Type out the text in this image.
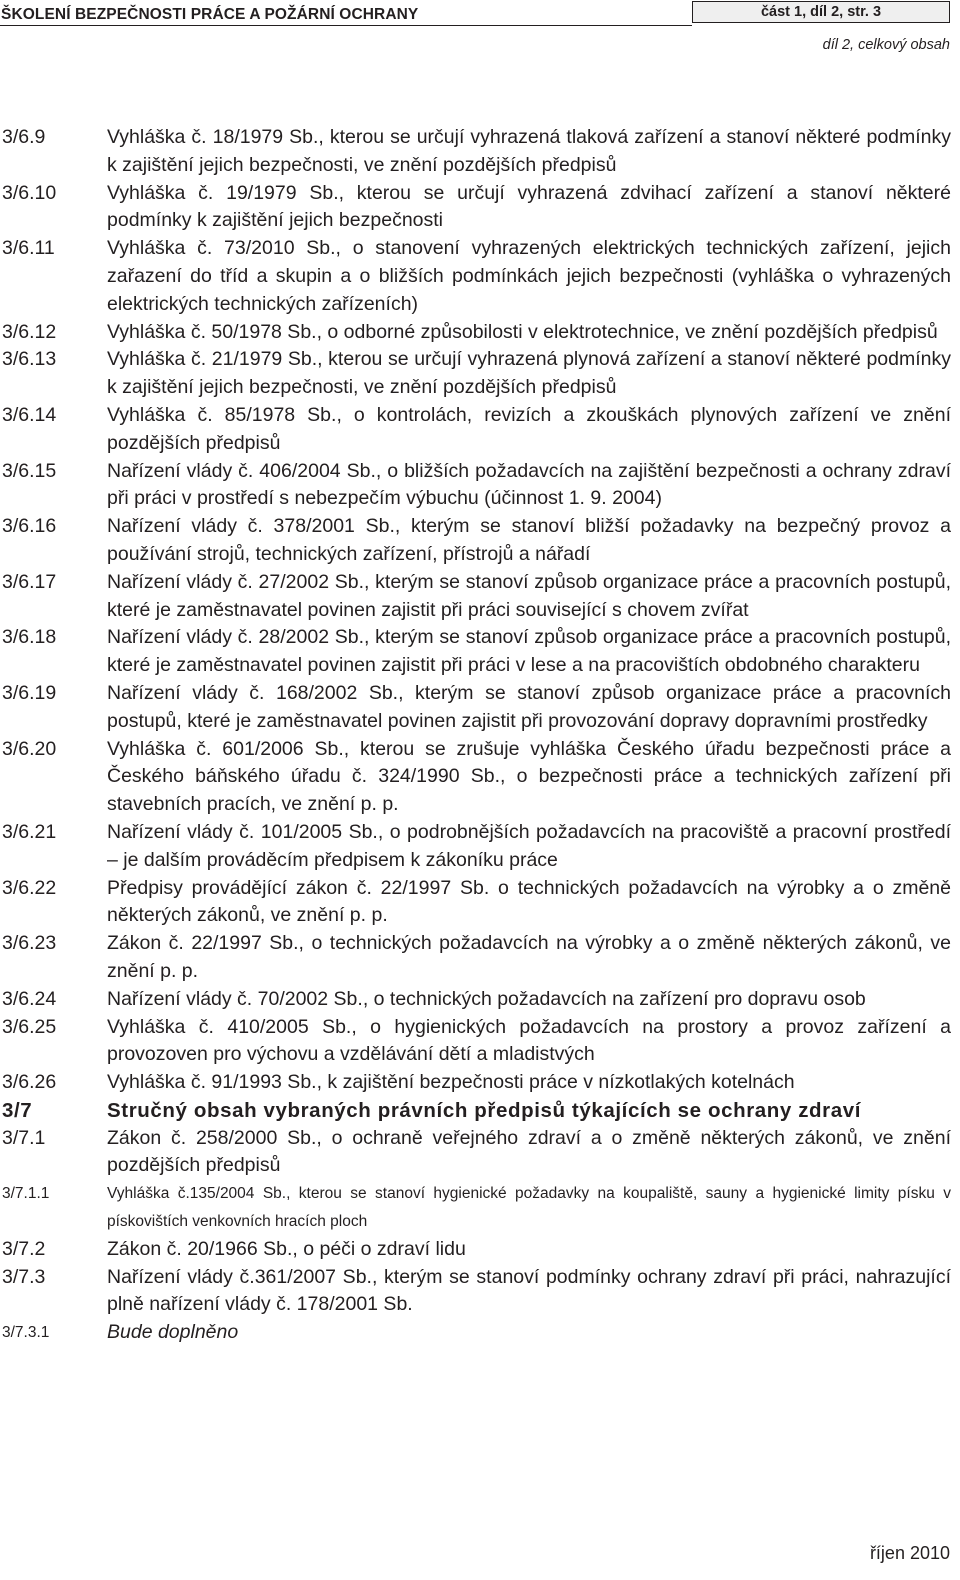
ŠKOLENÍ BEZPEČNOSTI PRÁCE A POŽÁRNÍ OCHRANY	část 1, díl 2, str. 3
díl 2, celkový obsah
3/6.9	Vyhláška č. 18/1979 Sb., kterou se určují vyhrazená tlaková zařízení a stanoví některé podmínky k zajištění jejich bezpečnosti, ve znění pozdějších předpisů
3/6.10	Vyhláška č. 19/1979 Sb., kterou se určují vyhrazená zdvihací zařízení a stanoví některé podmínky k zajištění jejich bezpečnosti
3/6.11	Vyhláška č. 73/2010 Sb., o stanovení vyhrazených elektrických technických zařízení, jejich zařazení do tříd a skupin a o bližších podmínkách jejich bezpečnosti (vyhláška o vyhrazených elektrických technických zařízeních)
3/6.12	Vyhláška č. 50/1978 Sb., o odborné způsobilosti v elektrotechnice, ve znění pozdějších předpisů
3/6.13	Vyhláška č. 21/1979 Sb., kterou se určují vyhrazená plynová zařízení a stanoví některé podmínky k zajištění jejich bezpečnosti, ve znění pozdějších předpisů
3/6.14	Vyhláška č. 85/1978 Sb., o kontrolách, revizích a zkouškách plynových zařízení ve znění pozdějších předpisů
3/6.15	Nařízení vlády č. 406/2004 Sb., o bližších požadavcích na zajištění bezpečnosti a ochrany zdraví při práci v prostředí s nebezpečím výbuchu (účinnost 1. 9. 2004)
3/6.16	Nařízení vlády č. 378/2001 Sb., kterým se stanoví bližší požadavky na bezpečný provoz a používání strojů, technických zařízení, přístrojů a nářadí
3/6.17	Nařízení vlády č. 27/2002 Sb., kterým se stanoví způsob organizace práce a pracovních postupů, které je zaměstnavatel povinen zajistit při práci související s chovem zvířat
3/6.18	Nařízení vlády č. 28/2002 Sb., kterým se stanoví způsob organizace práce a pracovních postupů, které je zaměstnavatel povinen zajistit při práci v lese a na pracovištích obdobného charakteru
3/6.19	Nařízení vlády č. 168/2002 Sb., kterým se stanoví způsob organizace práce a pracovních postupů, které je zaměstnavatel povinen zajistit při provozování dopravy dopravními prostředky
3/6.20	Vyhláška č. 601/2006 Sb., kterou se zrušuje vyhláška Českého úřadu bezpečnosti práce a Českého báňského úřadu č. 324/1990 Sb., o bezpečnosti práce a technických zařízení při stavebních pracích, ve znění p. p.
3/6.21	Nařízení vlády č. 101/2005 Sb., o podrobnějších požadavcích na pracoviště a pracovní prostředí – je dalším prováděcím předpisem k zákoníku práce
3/6.22	Předpisy provádějící zákon č. 22/1997 Sb. o technických požadavcích na výrobky a o změně některých zákonů, ve znění p. p.
3/6.23	Zákon č. 22/1997 Sb., o technických požadavcích na výrobky a o změně některých zákonů, ve znění p. p.
3/6.24	Nařízení vlády č. 70/2002 Sb., o technických požadavcích na zařízení pro dopravu osob
3/6.25	Vyhláška č. 410/2005 Sb., o hygienických požadavcích na prostory a provoz zařízení a provozoven pro výchovu a vzdělávání dětí a mladistvých
3/6.26	Vyhláška č. 91/1993 Sb., k zajištění bezpečnosti práce v nízkotlakých kotelnách
3/7	Stručný obsah vybraných právních předpisů týkajících se ochrany zdraví
3/7.1	Zákon č. 258/2000 Sb., o ochraně veřejného zdraví a o změně některých zákonů, ve znění pozdějších předpisů
3/7.1.1	Vyhláška č.135/2004 Sb., kterou se stanoví hygienické požadavky na koupaliště, sauny a hygienické limity písku v pískovištích venkovních hracích ploch
3/7.2	Zákon č. 20/1966 Sb., o péči o zdraví lidu
3/7.3	Nařízení vlády č.361/2007 Sb., kterým se stanoví podmínky ochrany zdraví při práci, nahrazující plně nařízení vlády č. 178/2001 Sb.
3/7.3.1	Bude doplněno
říjen 2010
